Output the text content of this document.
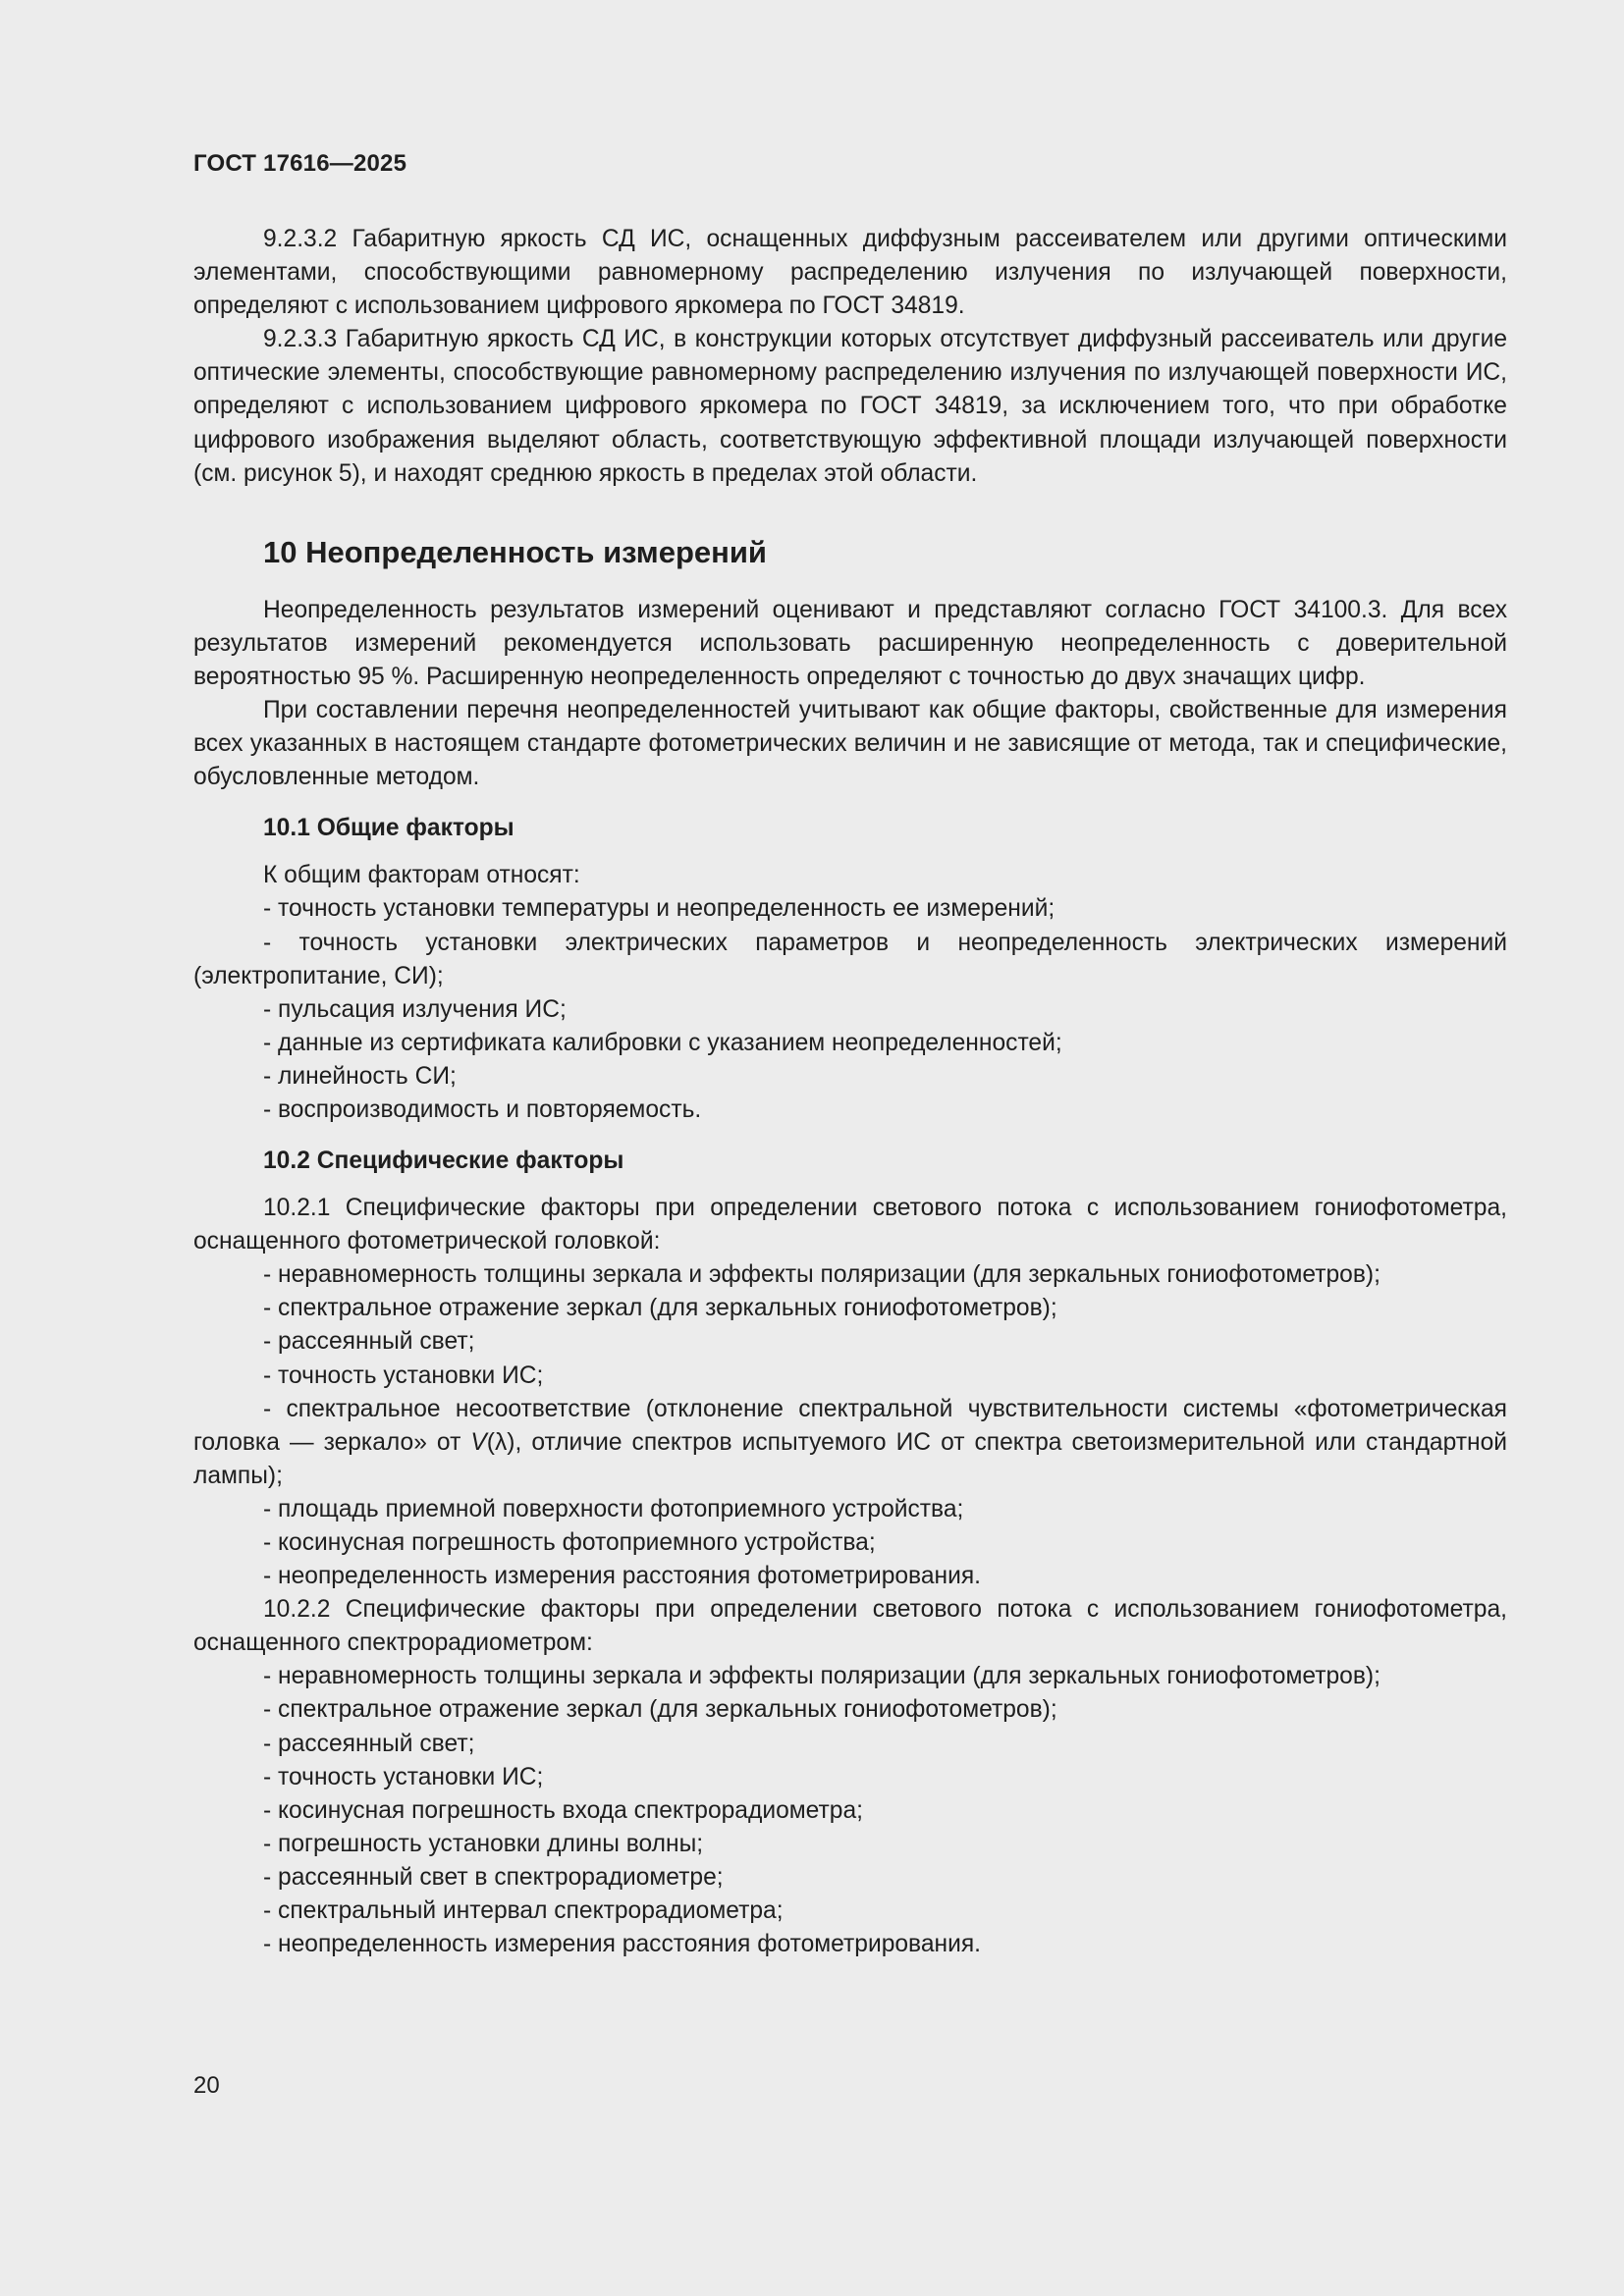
ГОСТ 17616—2025

9.2.3.2 Габаритную яркость СД ИС, оснащенных диффузным рассеивателем или другими оптическими элементами, способствующими равномерному распределению излучения по излучающей поверхности, определяют с использованием цифрового яркомера по ГОСТ 34819.

9.2.3.3 Габаритную яркость СД ИС, в конструкции которых отсутствует диффузный рассеиватель или другие оптические элементы, способствующие равномерному распределению излучения по излучающей поверхности ИС, определяют с использованием цифрового яркомера по ГОСТ 34819, за исключением того, что при обработке цифрового изображения выделяют область, соответствующую эффективной площади излучающей поверхности (см. рисунок 5), и находят среднюю яркость в пределах этой области.

10 Неопределенность измерений

Неопределенность результатов измерений оценивают и представляют согласно ГОСТ 34100.3. Для всех результатов измерений рекомендуется использовать расширенную неопределенность с доверительной вероятностью 95 %. Расширенную неопределенность определяют с точностью до двух значащих цифр.

При составлении перечня неопределенностей учитывают как общие факторы, свойственные для измерения всех указанных в настоящем стандарте фотометрических величин и не зависящие от метода, так и специфические, обусловленные методом.

10.1 Общие факторы

К общим факторам относят:

- точность установки температуры и неопределенность ее измерений;

- точность установки электрических параметров и неопределенность электрических измерений (электропитание, СИ);

- пульсация излучения ИС;

- данные из сертификата калибровки с указанием неопределенностей;

- линейность СИ;

- воспроизводимость и повторяемость.

10.2 Специфические факторы

10.2.1 Специфические факторы при определении светового потока с использованием гониофотометра, оснащенного фотометрической головкой:

- неравномерность толщины зеркала и эффекты поляризации (для зеркальных гониофотометров);

- спектральное отражение зеркал (для зеркальных гониофотометров);

- рассеянный свет;

- точность установки ИС;

- спектральное несоответствие (отклонение спектральной чувствительности системы «фотометрическая головка — зеркало» от V(λ), отличие спектров испытуемого ИС от спектра светоизмерительной или стандартной лампы);

- площадь приемной поверхности фотоприемного устройства;

- косинусная погрешность фотоприемного устройства;

- неопределенность измерения расстояния фотометрирования.

10.2.2 Специфические факторы при определении светового потока с использованием гониофотометра, оснащенного спектрорадиометром:

- неравномерность толщины зеркала и эффекты поляризации (для зеркальных гониофотометров);

- спектральное отражение зеркал (для зеркальных гониофотометров);

- рассеянный свет;

- точность установки ИС;

- косинусная погрешность входа спектрорадиометра;

- погрешность установки длины волны;

- рассеянный свет в спектрорадиометре;

- спектральный интервал спектрорадиометра;

- неопределенность измерения расстояния фотометрирования.

20
